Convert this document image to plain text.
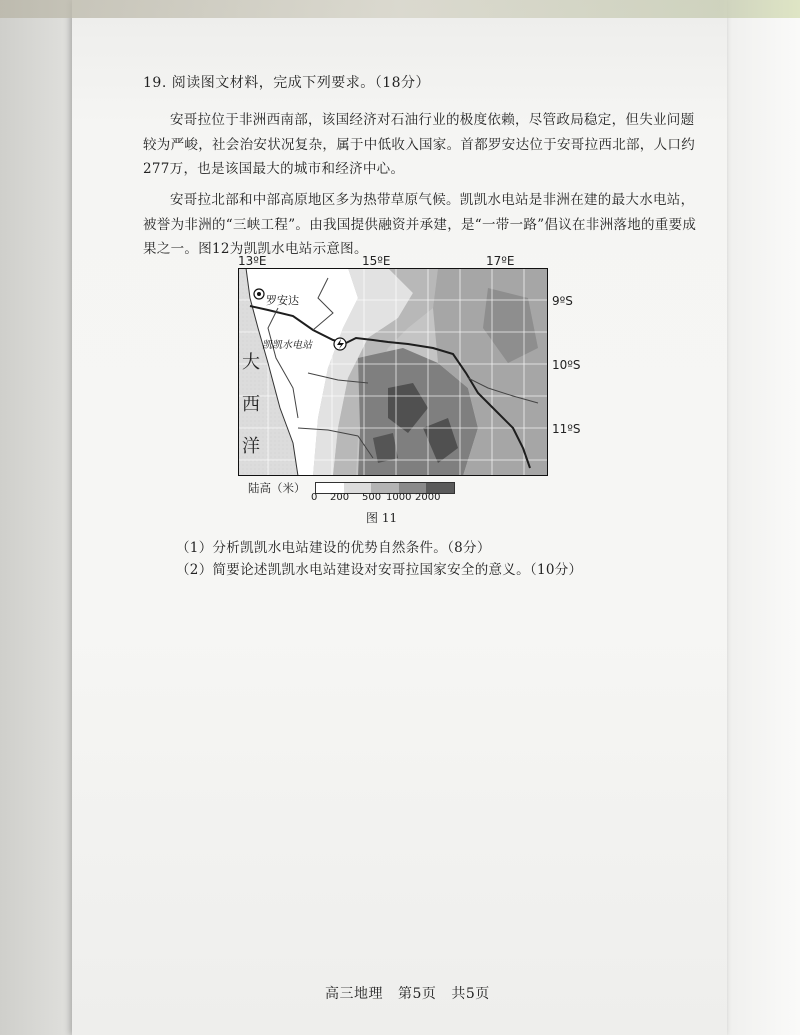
19. 阅读图文材料，完成下列要求。（18分）
安哥拉位于非洲西南部，该国经济对石油行业的极度依赖，尽管政局稳定，但失业问题较为严峻，社会治安状况复杂，属于中低收入国家。首都罗安达位于安哥拉西北部，人口约277万，也是该国最大的城市和经济中心。
安哥拉北部和中部高原地区多为热带草原气候。凯凯水电站是非洲在建的最大水电站，被誉为非洲的“三峡工程”。由我国提供融资并承建，是“一带一路”倡议在非洲落地的重要成果之一。图12为凯凯水电站示意图。
13ºE	15ºE	17ºE
9ºS
10ºS
11ºS
罗安达
凯凯水电站
大
西
洋
陆高（米）
0 200 500 1000 2000
图 11
（1）分析凯凯水电站建设的优势自然条件。（8分）
（2）简要论述凯凯水电站建设对安哥拉国家安全的意义。（10分）
高三地理 第5页 共5页
